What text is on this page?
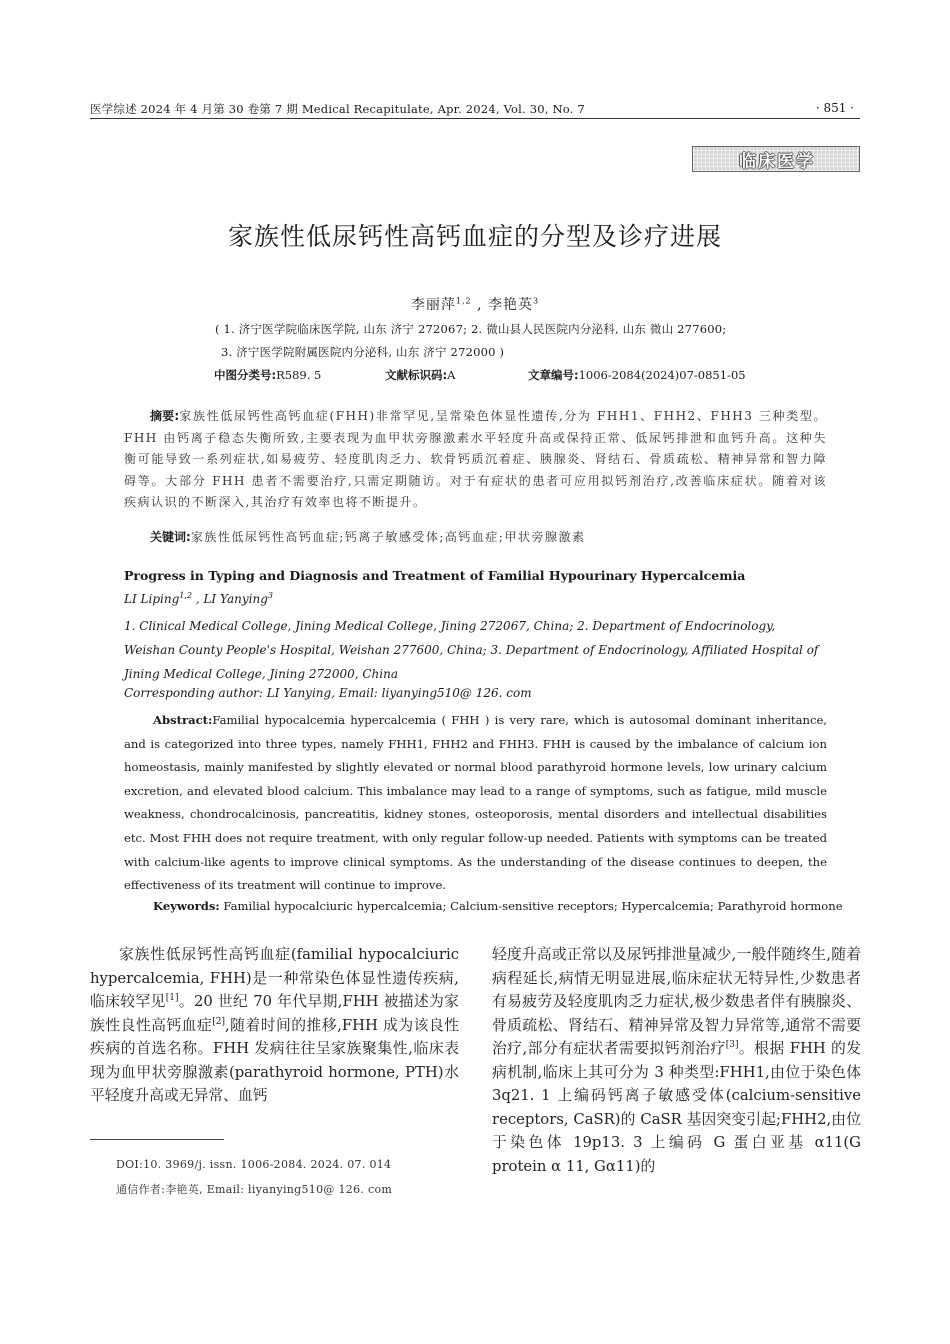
医学综述 2024 年 4 月第 30 卷第 7 期 Medical Recapitulate, Apr. 2024, Vol. 30, No. 7	· 851 ·
临床医学
家族性低尿钙性高钙血症的分型及诊疗进展
李丽萍$^{1,2}$ , 李艳英$^3$
( 1. 济宁医学院临床医学院, 山东 济宁 272067; 2. 微山县人民医院内分泌科, 山东 微山 277600;
3. 济宁医学院附属医院内分泌科, 山东 济宁 272000 )
中图分类号:R589. 5	文献标识码:A	文章编号:1006-2084(2024)07-0851-05
摘要:家族性低尿钙性高钙血症(FHH)非常罕见,呈常染色体显性遗传,分为 FHH1、FHH2、FHH3 三种类型。FHH 由钙离子稳态失衡所致,主要表现为血甲状旁腺激素水平轻度升高或保持正常、低尿钙排泄和血钙升高。这种失衡可能导致一系列症状,如易疲劳、轻度肌肉乏力、软骨钙质沉着症、胰腺炎、肾结石、骨质疏松、精神异常和智力障碍等。大部分 FHH 患者不需要治疗,只需定期随访。对于有症状的患者可应用拟钙剂治疗,改善临床症状。随着对该疾病认识的不断深入,其治疗有效率也将不断提升。
关键词:家族性低尿钙性高钙血症;钙离子敏感受体;高钙血症;甲状旁腺激素
Progress in Typing and Diagnosis and Treatment of Familial Hypourinary Hypercalcemia
LI Liping$^{1,2}$ , LI Yanying$^3$
1. Clinical Medical College, Jining Medical College, Jining 272067, China; 2. Department of Endocrinology, Weishan County People's Hospital, Weishan 277600, China; 3. Department of Endocrinology, Affiliated Hospital of Jining Medical College, Jining 272000, China
Corresponding author: LI Yanying, Email: liyanying510@ 126. com
Abstract:Familial hypocalcemia hypercalcemia ( FHH ) is very rare, which is autosomal dominant inheritance, and is categorized into three types, namely FHH1, FHH2 and FHH3. FHH is caused by the imbalance of calcium ion homeostasis, mainly manifested by slightly elevated or normal blood parathyroid hormone levels, low urinary calcium excretion, and elevated blood calcium. This imbalance may lead to a range of symptoms, such as fatigue, mild muscle weakness, chondrocalcinosis, pancreatitis, kidney stones, osteoporosis, mental disorders and intellectual disabilities etc. Most FHH does not require treatment, with only regular follow-up needed. Patients with symptoms can be treated with calcium-like agents to improve clinical symptoms. As the understanding of the disease continues to deepen, the effectiveness of its treatment will continue to improve.
Keywords: Familial hypocalciuric hypercalcemia; Calcium-sensitive receptors; Hypercalcemia; Parathyroid hormone
家族性低尿钙性高钙血症(familial hypocalciuric hypercalcemia, FHH)是一种常染色体显性遗传疾病,临床较罕见[1]。20 世纪 70 年代早期,FHH 被描述为家族性良性高钙血症[2],随着时间的推移,FHH 成为该良性疾病的首选名称。FHH 发病往往呈家族聚集性,临床表现为血甲状旁腺激素(parathyroid hormone, PTH)水平轻度升高或无异常、血钙
轻度升高或正常以及尿钙排泄量减少,一般伴随终生,随着病程延长,病情无明显进展,临床症状无特异性,少数患者有易疲劳及轻度肌肉乏力症状,极少数患者伴有胰腺炎、骨质疏松、肾结石、精神异常及智力异常等,通常不需要治疗,部分有症状者需要拟钙剂治疗[3]。根据 FHH 的发病机制,临床上其可分为 3 种类型:FHH1,由位于染色体 3q21. 1 上编码钙离子敏感受体(calcium-sensitive receptors, CaSR)的 CaSR 基因突变引起;FHH2,由位于染色体 19p13. 3 上编码 G 蛋白亚基 α11(G protein α 11, Gα11)的
DOI:10. 3969/j. issn. 1006-2084. 2024. 07. 014
通信作者:李艳英, Email: liyanying510@ 126. com
